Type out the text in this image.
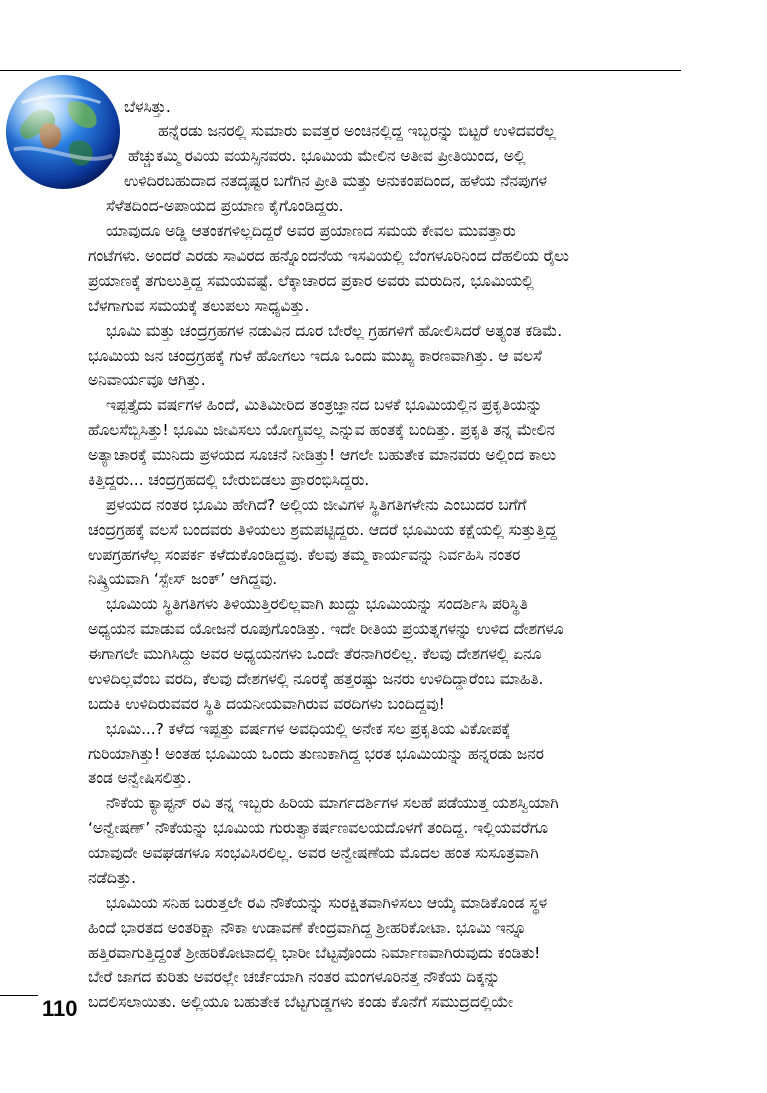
ಬೆಳಸಿತ್ತು.
ಹನ್ನೆರಡು ಜನರಲ್ಲಿ ಸುಮಾರು ಐವತ್ತರ ಅಂಚಿನಲ್ಲಿದ್ದ ಇಬ್ಬರನ್ನು ಬಿಟ್ಟರೆ ಉಳಿದವರೆಲ್ಲ
ಹೆಚ್ಚುಕಮ್ಮಿ ರವಿಯ ವಯಸ್ಸಿನವರು. ಭೂಮಿಯ ಮೇಲಿನ ಅತೀವ ಪ್ರೀತಿಯಿಂದ, ಅಲ್ಲಿ
ಉಳಿದಿರಬಹುದಾದ ನತದೃಷ್ಟರ ಬಗೆಗಿನ ಪ್ರೀತಿ ಮತ್ತು ಅನುಕಂಪದಿಂದ, ಹಳೆಯ ನೆನಪುಗಳ
ಸೆಳೆತದಿಂದ-ಅಪಾಯದ ಪ್ರಯಾಣ ಕೈಗೊಂಡಿದ್ದರು.
ಯಾವುದೂ ಅಡ್ಡಿ ಆತಂಕಗಳಿಲ್ಲದಿದ್ದರೆ ಅವರ ಪ್ರಯಾಣದ ಸಮಯ ಕೇವಲ ಮುವತ್ತಾರು
ಗಂಟೆಗಳು. ಅಂದರೆ ಎರಡು ಸಾವಿರದ ಹನ್ನೊಂದನೆಯ ಇಸವಿಯಲ್ಲಿ ಬೆಂಗಳೂರಿನಿಂದ ದೆಹಲಿಯ ರೈಲು
ಪ್ರಯಾಣಕ್ಕೆ ತಗುಲುತ್ತಿದ್ದ ಸಮಯವಷ್ಟೆ. ಲೆಕ್ಕಾಚಾರದ ಪ್ರಕಾರ ಅವರು ಮರುದಿನ, ಭೂಮಿಯಲ್ಲಿ
ಬೆಳಗಾಗುವ ಸಮಯಕ್ಕೆ ತಲುಪಲು ಸಾಧ್ಯವಿತ್ತು.
ಭೂಮಿ ಮತ್ತು ಚಂದ್ರಗ್ರಹಗಳ ನಡುವಿನ ದೂರ ಬೇರೆಲ್ಲ ಗ್ರಹಗಳಿಗೆ ಹೋಲಿಸಿದರೆ ಅತ್ಯಂತ ಕಡಿಮೆ.
ಭೂಮಿಯ ಜನ ಚಂದ್ರಗ್ರಹಕ್ಕೆ ಗುಳೆ ಹೋಗಲು ಇದೂ ಒಂದು ಮುಖ್ಯ ಕಾರಣವಾಗಿತ್ತು. ಆ ವಲಸೆ
ಅನಿವಾರ್ಯವೂ ಆಗಿತ್ತು.
ಇಪ್ಪತ್ತೈದು ವರ್ಷಗಳ ಹಿಂದೆ, ಮಿತಿಮೀರಿದ ತಂತ್ರಜ್ಞಾನದ ಬಳಕೆ ಭೂಮಿಯಲ್ಲಿನ ಪ್ರಕೃತಿಯನ್ನು
ಹೊಲಸೆಬ್ಬಿಸಿತ್ತು! ಭೂಮಿ ಜೀವಿಸಲು ಯೋಗ್ಯವಲ್ಲ ಎನ್ನುವ ಹಂತಕ್ಕೆ ಬಂದಿತ್ತು. ಪ್ರಕೃತಿ ತನ್ನ ಮೇಲಿನ
ಅತ್ಯಾಚಾರಕ್ಕೆ ಮುನಿದು ಪ್ರಳಯದ ಸೂಚನೆ ನೀಡಿತ್ತು! ಆಗಲೇ ಬಹುತೇಕ ಮಾನವರು ಅಲ್ಲಿಂದ ಕಾಲು
ಕಿತ್ತಿದ್ದರು... ಚಂದ್ರಗ್ರಹದಲ್ಲಿ ಬೇರುಬಿಡಲು ಪ್ರಾರಂಭಿಸಿದ್ದರು.
ಪ್ರಳಯದ ನಂತರ ಭೂಮಿ ಹೇಗಿದೆ? ಅಲ್ಲಿಯ ಜೀವಿಗಳ ಸ್ಥಿತಿಗತಿಗಳೇನು ಎಂಬುದರ ಬಗೆಗೆ
ಚಂದ್ರಗ್ರಹಕ್ಕೆ ವಲಸೆ ಬಂದವರು ತಿಳಿಯಲು ಶ್ರಮಪಟ್ಟಿದ್ದರು. ಆದರೆ ಭೂಮಿಯ ಕಕ್ಷೆಯಲ್ಲಿ ಸುತ್ತುತ್ತಿದ್ದ
ಉಪಗ್ರಹಗಳೆಲ್ಲ ಸಂಪರ್ಕ ಕಳೆದುಕೊಂಡಿದ್ದವು. ಕೆಲವು ತಮ್ಮ ಕಾರ್ಯವನ್ನು ನಿರ್ವಹಿಸಿ ನಂತರ
ನಿಷ್ಕ್ರಿಯವಾಗಿ ‘ಸ್ಪೇಸ್ ಜಂಕ್’ ಆಗಿದ್ದವು.
ಭೂಮಿಯ ಸ್ಥಿತಿಗತಿಗಳು ತಿಳಿಯುತ್ತಿರಲಿಲ್ಲವಾಗಿ ಖುದ್ದು ಭೂಮಿಯನ್ನು ಸಂದರ್ಶಿಸಿ ಪರಿಸ್ಥಿತಿ
ಅಧ್ಯಯನ ಮಾಡುವ ಯೋಜನೆ ರೂಪುಗೊಂಡಿತ್ತು. ಇದೇ ರೀತಿಯ ಪ್ರಯತ್ನಗಳನ್ನು ಉಳಿದ ದೇಶಗಳೂ
ಈಗಾಗಲೇ ಮುಗಿಸಿದ್ದು ಅವರ ಅಧ್ಯಯನಗಳು ಒಂದೇ ತೆರನಾಗಿರಲಿಲ್ಲ. ಕೆಲವು ದೇಶಗಳಲ್ಲಿ ಏನೂ
ಉಳಿದಿಲ್ಲವೆಂಬ ವರದಿ, ಕೆಲವು ದೇಶಗಳಲ್ಲಿ ನೂರಕ್ಕೆ ಹತ್ತರಷ್ಟು ಜನರು ಉಳಿದಿದ್ದಾರೆಂಬ ಮಾಹಿತಿ.
ಬದುಕಿ ಉಳಿದಿರುವವರ ಸ್ಥಿತಿ ದಯನೀಯವಾಗಿರುವ ವರದಿಗಳು ಬಂದಿದ್ದವು!
ಭೂಮಿ...? ಕಳೆದ ಇಪ್ಪತ್ತು ವರ್ಷಗಳ ಅವಧಿಯಲ್ಲಿ ಅನೇಕ ಸಲ ಪ್ರಕೃತಿಯ ವಿಕೋಪಕ್ಕೆ
ಗುರಿಯಾಗಿತ್ತು! ಅಂತಹ ಭೂಮಿಯ ಒಂದು ತುಣುಕಾಗಿದ್ದ ಭರತ ಭೂಮಿಯನ್ನು ಹನ್ನರಡು ಜನರ
ತಂಡ ಅನ್ವೇಷಿಸಲಿತ್ತು.
ನೌಕೆಯ ಕ್ಯಾಪ್ಟನ್ ರವಿ ತನ್ನ ಇಬ್ಬರು ಹಿರಿಯ ಮಾರ್ಗದರ್ಶಿಗಳ ಸಲಹೆ ಪಡೆಯುತ್ತ ಯಶಸ್ವಿಯಾಗಿ
‘ಅನ್ವೇಷಣ್’ ನೌಕೆಯನ್ನು ಭೂಮಿಯ ಗುರುತ್ವಾಕರ್ಷಣವಲಯದೊಳಗೆ ತಂದಿದ್ದ. ಇಲ್ಲಿಯವರೆಗೂ
ಯಾವುದೇ ಅವಘಡಗಳೂ ಸಂಭವಿಸಿರಲಿಲ್ಲ. ಅವರ ಅನ್ವೇಷಣೆಯ ಮೊದಲ ಹಂತ ಸುಸೂತ್ರವಾಗಿ
ನಡೆದಿತ್ತು.
ಭೂಮಿಯ ಸನಿಹ ಬರುತ್ತಲೇ ರವಿ ನೌಕೆಯನ್ನು ಸುರಕ್ಷಿತವಾಗಿಳಿಸಲು ಆಯ್ಕೆ ಮಾಡಿಕೊಂಡ ಸ್ಥಳ
ಹಿಂದೆ ಭಾರತದ ಅಂತರಿಕ್ಷಾ ನೌಕಾ ಉಡಾವಣೆ ಕೇಂದ್ರವಾಗಿದ್ದ ಶ್ರೀಹರಿಕೋಟಾ. ಭೂಮಿ ಇನ್ನೂ
ಹತ್ತಿರವಾಗುತ್ತಿದ್ದಂತೆ ಶ್ರೀಹರಿಕೋಟಾದಲ್ಲಿ ಭಾರೀ ಬೆಟ್ಟವೊಂದು ನಿರ್ಮಾಣವಾಗಿರುವುದು ಕಂಡಿತು!
ಬೇರೆ ಜಾಗದ ಕುರಿತು ಅವರಲ್ಲೇ ಚರ್ಚೆಯಾಗಿ ನಂತರ ಮಂಗಳೂರಿನತ್ತ ನೌಕೆಯ ದಿಕ್ಕನ್ನು
ಬದಲಿಸಲಾಯಿತು. ಅಲ್ಲಿಯೂ ಬಹುತೇಕ ಬೆಟ್ಟಗುಡ್ಡಗಳು ಕಂಡು ಕೊನೆಗೆ ಸಮುದ್ರದಲ್ಲಿಯೇ
110
